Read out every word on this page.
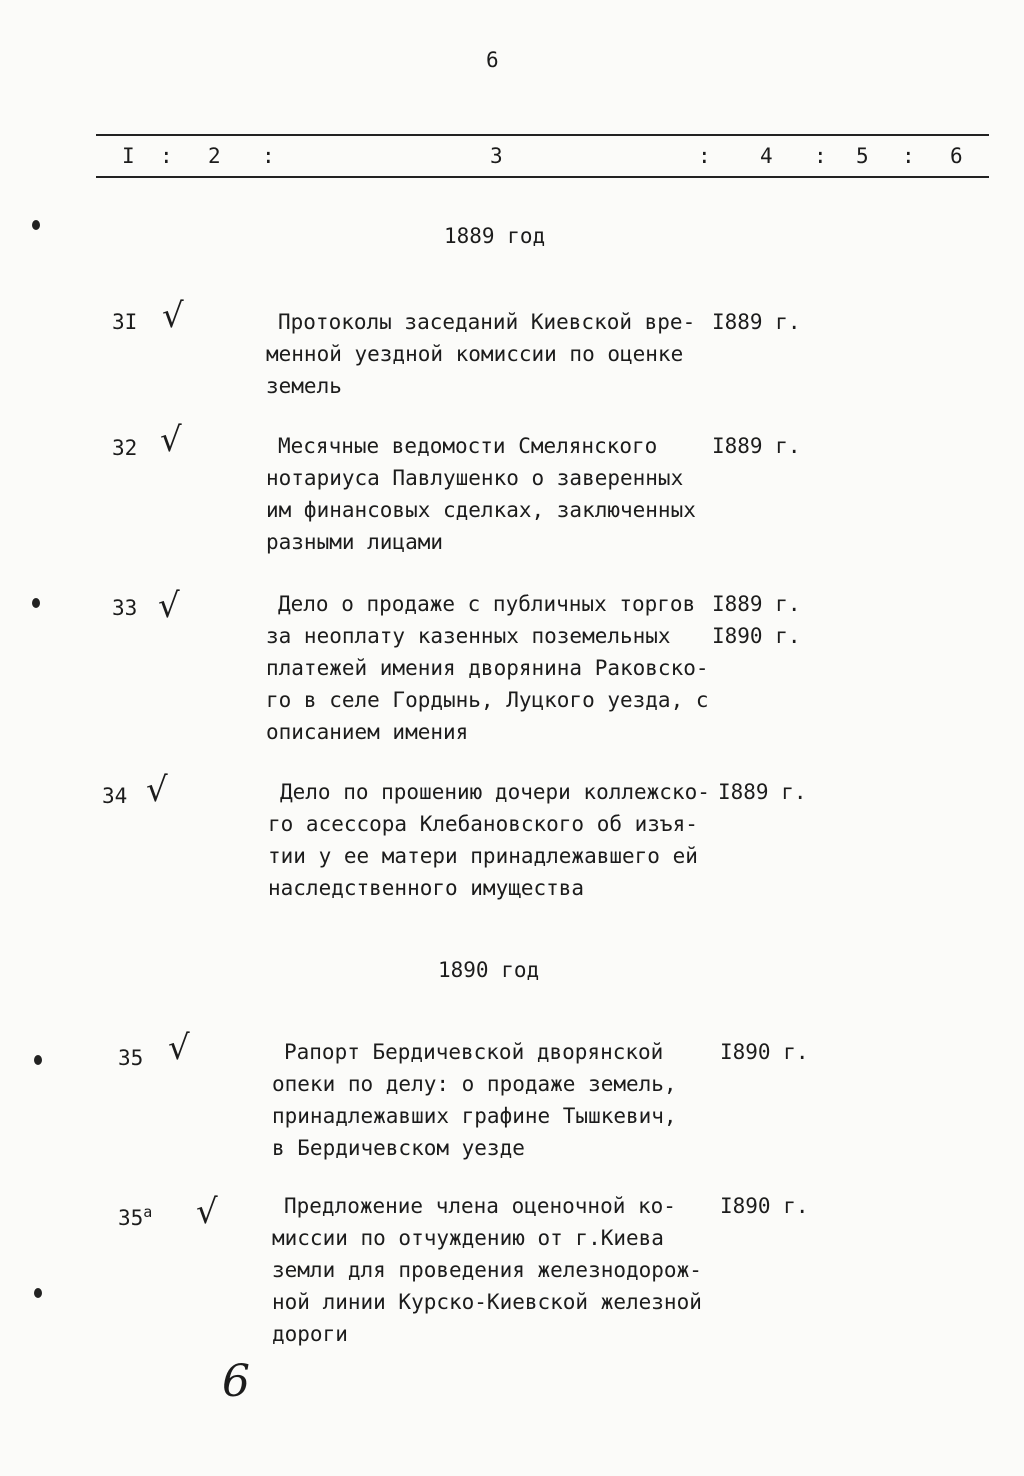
6
I : 2 :	3	: 4 : 5 : 6
1889 год
3I √	Протоколы заседаний Киевской вре-
менной уездной комиссии по оценке
земель
I889 г.
32 √	Месячные ведомости Смелянского
нотариуса Павлушенко о заверенных
им финансовых сделках, заключенных
разными лицами
I889 г.
33 √	Дело о продаже с публичных торгов
за неоплату казенных поземельных
платежей имения дворянина Раковско-
го в селе Гордынь, Луцкого уезда, с
описанием имения
I889 г.
I890 г.
34 √	Дело по прошению дочери коллежско-
го асессора Клебановского об изъя-
тии у ее матери принадлежавшего ей
наследственного имущества
I889 г.
1890 год
35 √	Рапорт Бердичевской дворянской
опеки по делу: о продаже земель,
принадлежавших графине Тышкевич,
в Бердичевском уезде
I890 г.
$35^а$ √	Предложение члена оценочной ко-
миссии по отчуждению от г.Киева
земли для проведения железнодорож-
ной линии Курско-Киевской железной
дороги
I890 г.
6
